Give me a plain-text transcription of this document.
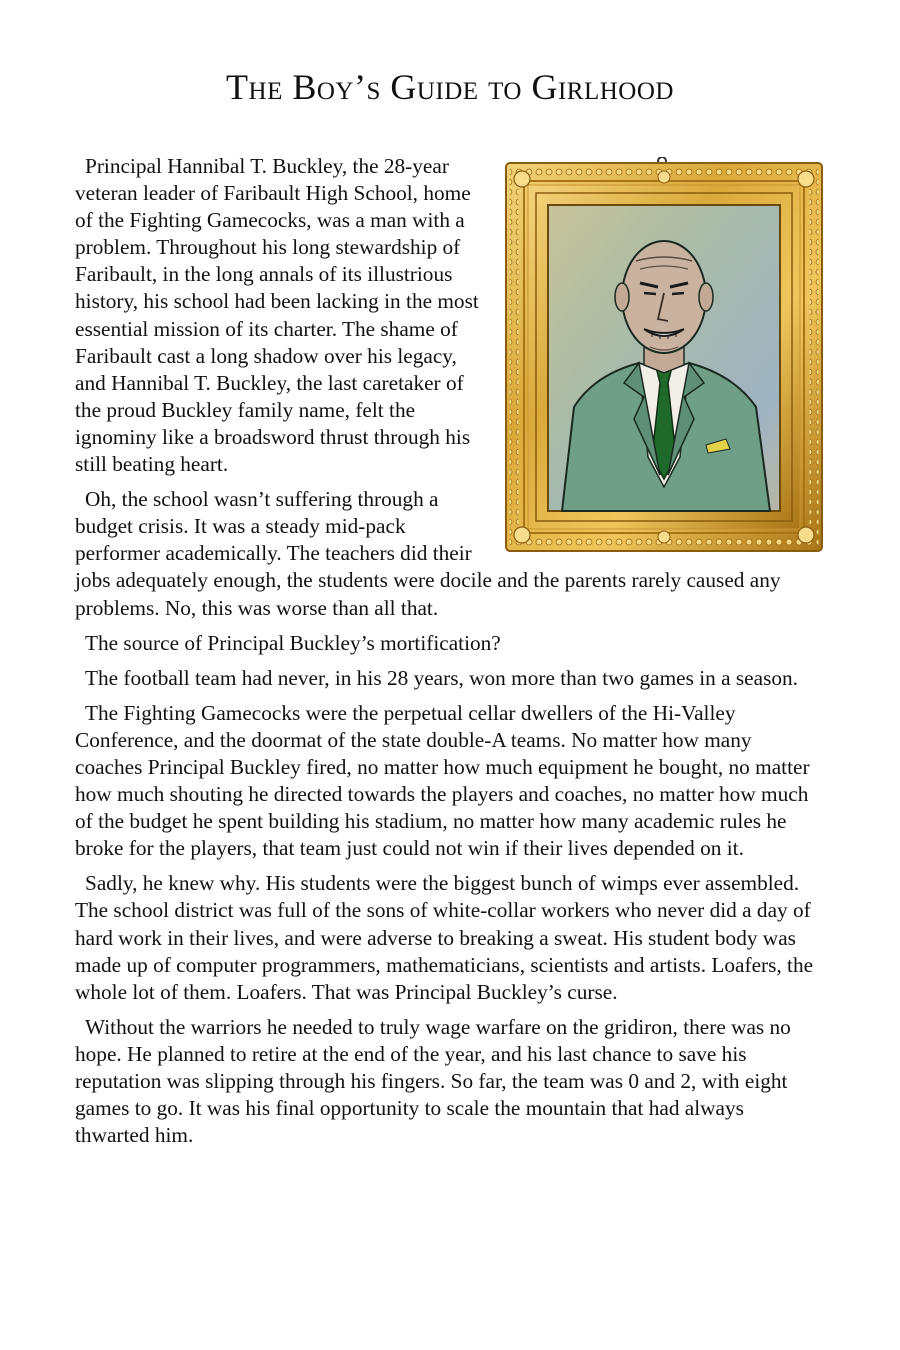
The Boy’s Guide to Girlhood

Principal Hannibal T. Buckley, the 28-year veteran leader of Faribault High School, home of the Fighting Gamecocks, was a man with a problem. Throughout his long stewardship of Faribault, in the long annals of its illustrious history, his school had been lacking in the most essential mission of its charter. The shame of Faribault cast a long shadow over his legacy, and Hannibal T. Buckley, the last caretaker of the proud Buckley family name, felt the ignominy like a broadsword thrust through his still beating heart.

Oh, the school wasn’t suffering through a budget crisis. It was a steady mid-pack performer academically. The teachers did their jobs adequately enough, the students were docile and the parents rarely caused any problems. No, this was worse than all that.

The source of Principal Buckley’s mortification?

The football team had never, in his 28 years, won more than two games in a season.

The Fighting Gamecocks were the perpetual cellar dwellers of the Hi-Valley Conference, and the doormat of the state double-A teams. No matter how many coaches Principal Buckley fired, no matter how much equipment he bought, no matter how much shouting he directed towards the players and coaches, no matter how much of the budget he spent building his stadium, no matter how many academic rules he broke for the players, that team just could not win if their lives depended on it.

Sadly, he knew why. His students were the biggest bunch of wimps ever assembled. The school district was full of the sons of white-collar workers who never did a day of hard work in their lives, and were adverse to breaking a sweat. His student body was made up of computer programmers, mathematicians, scientists and artists. Loafers, the whole lot of them. Loafers. That was Principal Buckley’s curse.

Without the warriors he needed to truly wage warfare on the gridiron, there was no hope. He planned to retire at the end of the year, and his last chance to save his reputation was slipping through his fingers. So far, the team was 0 and 2, with eight games to go. It was his final opportunity to scale the mountain that had always thwarted him.
